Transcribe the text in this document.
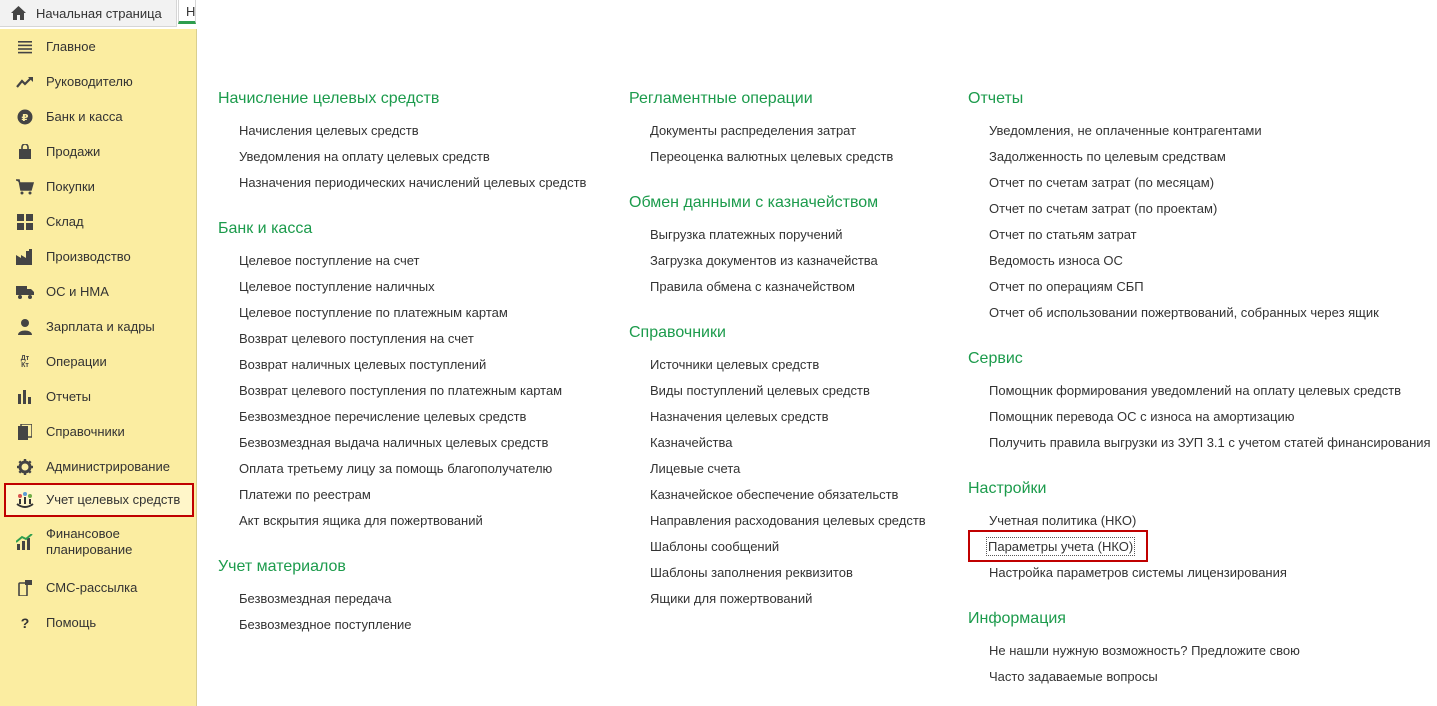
Начальная страница	Н
Главное
Руководителю
₽ Банк и касса
Продажи
Покупки
Склад
Производство
ОС и НМА
Зарплата и кадры
Дт Кт	Операции
Отчеты
Справочники
Администрирование
Учет целевых средств
Финансовое
планирование
СМС-рассылка
?	Помощь
Начисление целевых средств
Начисления целевых средств
Уведомления на оплату целевых средств
Назначения периодических начислений целевых средств
Банк и касса
Целевое поступление на счет
Целевое поступление наличных
Целевое поступление по платежным картам
Возврат целевого поступления на счет
Возврат наличных целевых поступлений
Возврат целевого поступления по платежным картам
Безвозмездное перечисление целевых средств
Безвозмездная выдача наличных целевых средств
Оплата третьему лицу за помощь благополучателю
Платежи по реестрам
Акт вскрытия ящика для пожертвований
Учет материалов
Безвозмездная передача
Безвозмездное поступление
Регламентные операции
Документы распределения затрат
Переоценка валютных целевых средств
Обмен данными с казначейством
Выгрузка платежных поручений
Загрузка документов из казначейства
Правила обмена с казначейством
Справочники
Источники целевых средств
Виды поступлений целевых средств
Назначения целевых средств
Казначейства
Лицевые счета
Казначейское обеспечение обязательств
Направления расходования целевых средств
Шаблоны сообщений
Шаблоны заполнения реквизитов
Ящики для пожертвований
Отчеты
Уведомления, не оплаченные контрагентами
Задолженность по целевым средствам
Отчет по счетам затрат (по месяцам)
Отчет по счетам затрат (по проектам)
Отчет по статьям затрат
Ведомость износа ОС
Отчет по операциям СБП
Отчет об использовании пожертвований, собранных через ящик
Сервис
Помощник формирования уведомлений на оплату целевых средств
Помощник перевода ОС с износа на амортизацию
Получить правила выгрузки из ЗУП 3.1 с учетом статей финансирования
Настройки
Учетная политика (НКО)
Параметры учета (НКО)
Настройка параметров системы лицензирования
Информация
Не нашли нужную возможность? Предложите свою
Часто задаваемые вопросы
